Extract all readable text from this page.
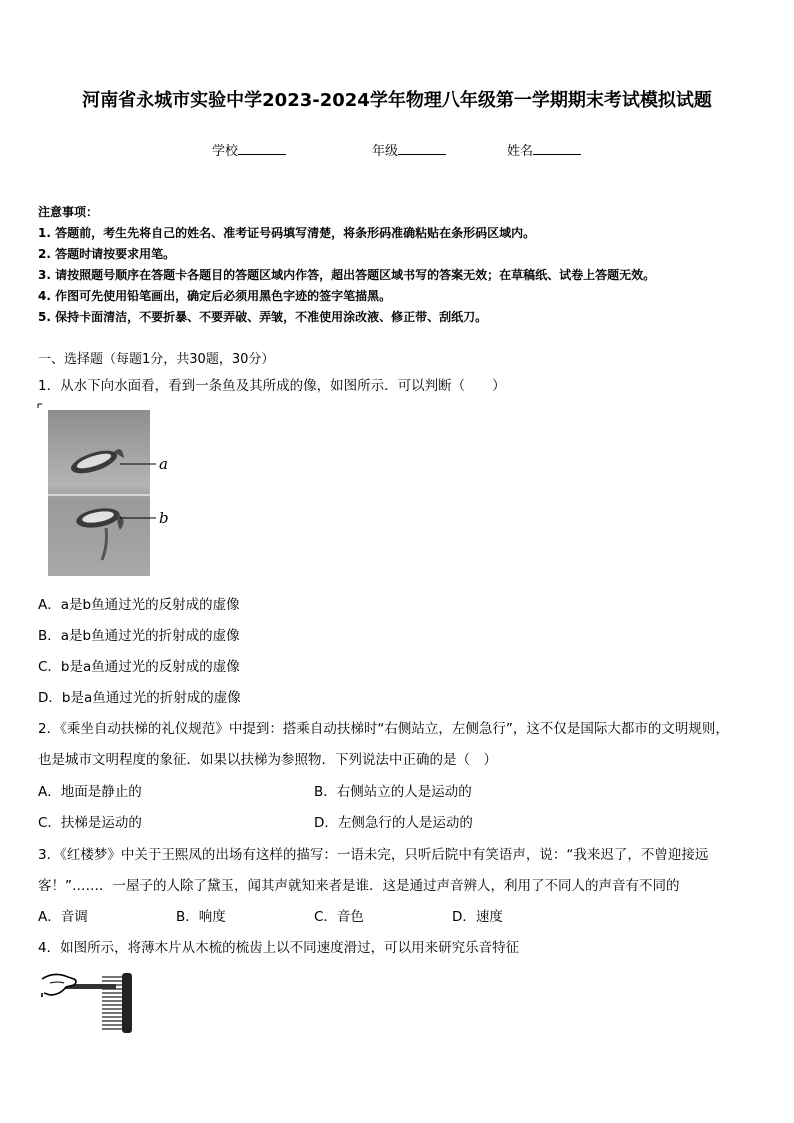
河南省永城市实验中学2023-2024学年物理八年级第一学期期末考试模拟试题
学校	年级	姓名
注意事项：
1. 答题前，考生先将自己的姓名、准考证号码填写清楚，将条形码准确粘贴在条形码区域内。
2. 答题时请按要求用笔。
3. 请按照题号顺序在答题卡各题目的答题区域内作答，超出答题区域书写的答案无效；在草稿纸、试卷上答题无效。
4. 作图可先使用铅笔画出，确定后必须用黑色字迹的签字笔描黑。
5. 保持卡面清洁，不要折暴、不要弄破、弄皱，不准使用涂改液、修正带、刮纸刀。
一、选择题（每题1分，共30题，30分）
1．从水下向水面看，看到一条鱼及其所成的像，如图所示．可以判断（　　）
a
b
A．a是b鱼通过光的反射成的虚像
B．a是b鱼通过光的折射成的虚像
C．b是a鱼通过光的反射成的虚像
D．b是a鱼通过光的折射成的虚像
2．《乘坐自动扶梯的礼仪规范》中提到：搭乘自动扶梯时“右侧站立，左侧急行”，这不仅是国际大都市的文明规则，
也是城市文明程度的象征．如果以扶梯为参照物．下列说法中正确的是（　）
A．地面是静止的	B．右侧站立的人是运动的
C．扶梯是运动的	D．左侧急行的人是运动的
3．《红楼梦》中关于王熙凤的出场有这样的描写：一语未完，只听后院中有笑语声，说：“我来迟了，不曾迎接远
客！”……．一屋子的人除了黛玉，闻其声就知来者是谁．这是通过声音辨人，利用了不同人的声音有不同的
A．音调	B．响度	C．音色	D．速度
4．如图所示，将薄木片从木梳的梳齿上以不同速度滑过，可以用来研究乐音特征
